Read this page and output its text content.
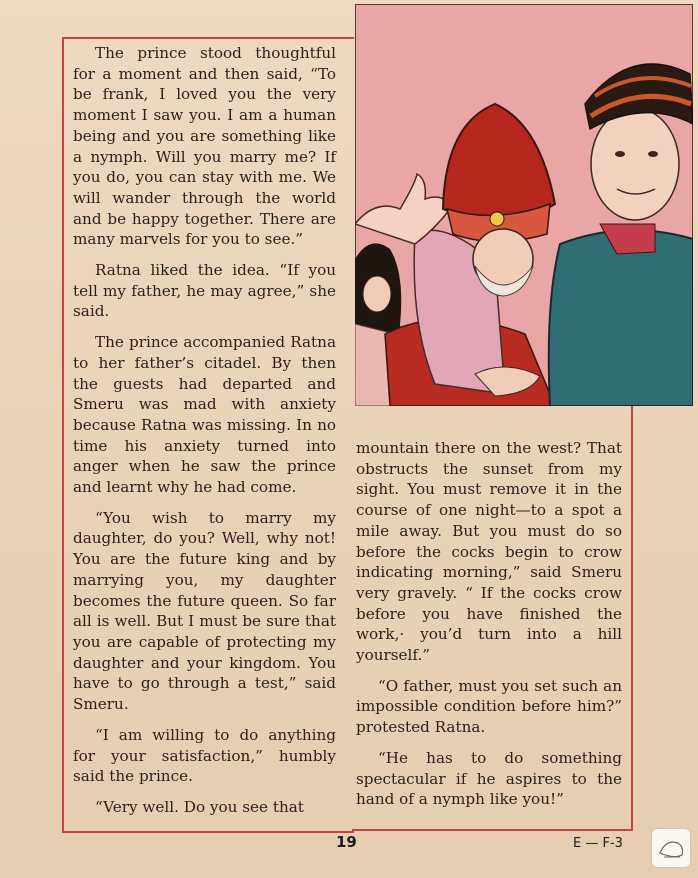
The prince stood thoughtful for a moment and then said, “To be frank, I loved you the very moment I saw you. I am a human being and you are something like a nymph. Will you marry me? If you do, you can stay with me. We will wander through the world and be happy together. There are many marvels for you to see.”

Ratna liked the idea. “If you tell my father, he may agree,” she said.

The prince accompanied Ratna to her father’s citadel. By then the guests had departed and Smeru was mad with anxiety because Ratna was missing. In no time his anxiety turned into anger when he saw the prince and learnt why he had come.

“You wish to marry my daughter, do you? Well, why not! You are the future king and by marrying you, my daughter becomes the future queen. So far all is well. But I must be sure that you are capable of protecting my daughter and your kingdom. You have to go through a test,” said Smeru.

“I am willing to do anything for your satisfaction,” humbly said the prince.

“Very well. Do you see that

mountain there on the west? That obstructs the sunset from my sight. You must remove it in the course of one night—to a spot a mile away. But you must do so before the cocks begin to crow indicating morning,” said Smeru very gravely. “ If the cocks crow before you have finished the work,· you’d turn into a hill yourself.”

“O father, must you set such an impossible condition before him?” protested Ratna.

“He has to do something spectacular if he aspires to the hand of a nymph like you!”

19	E — F-3
